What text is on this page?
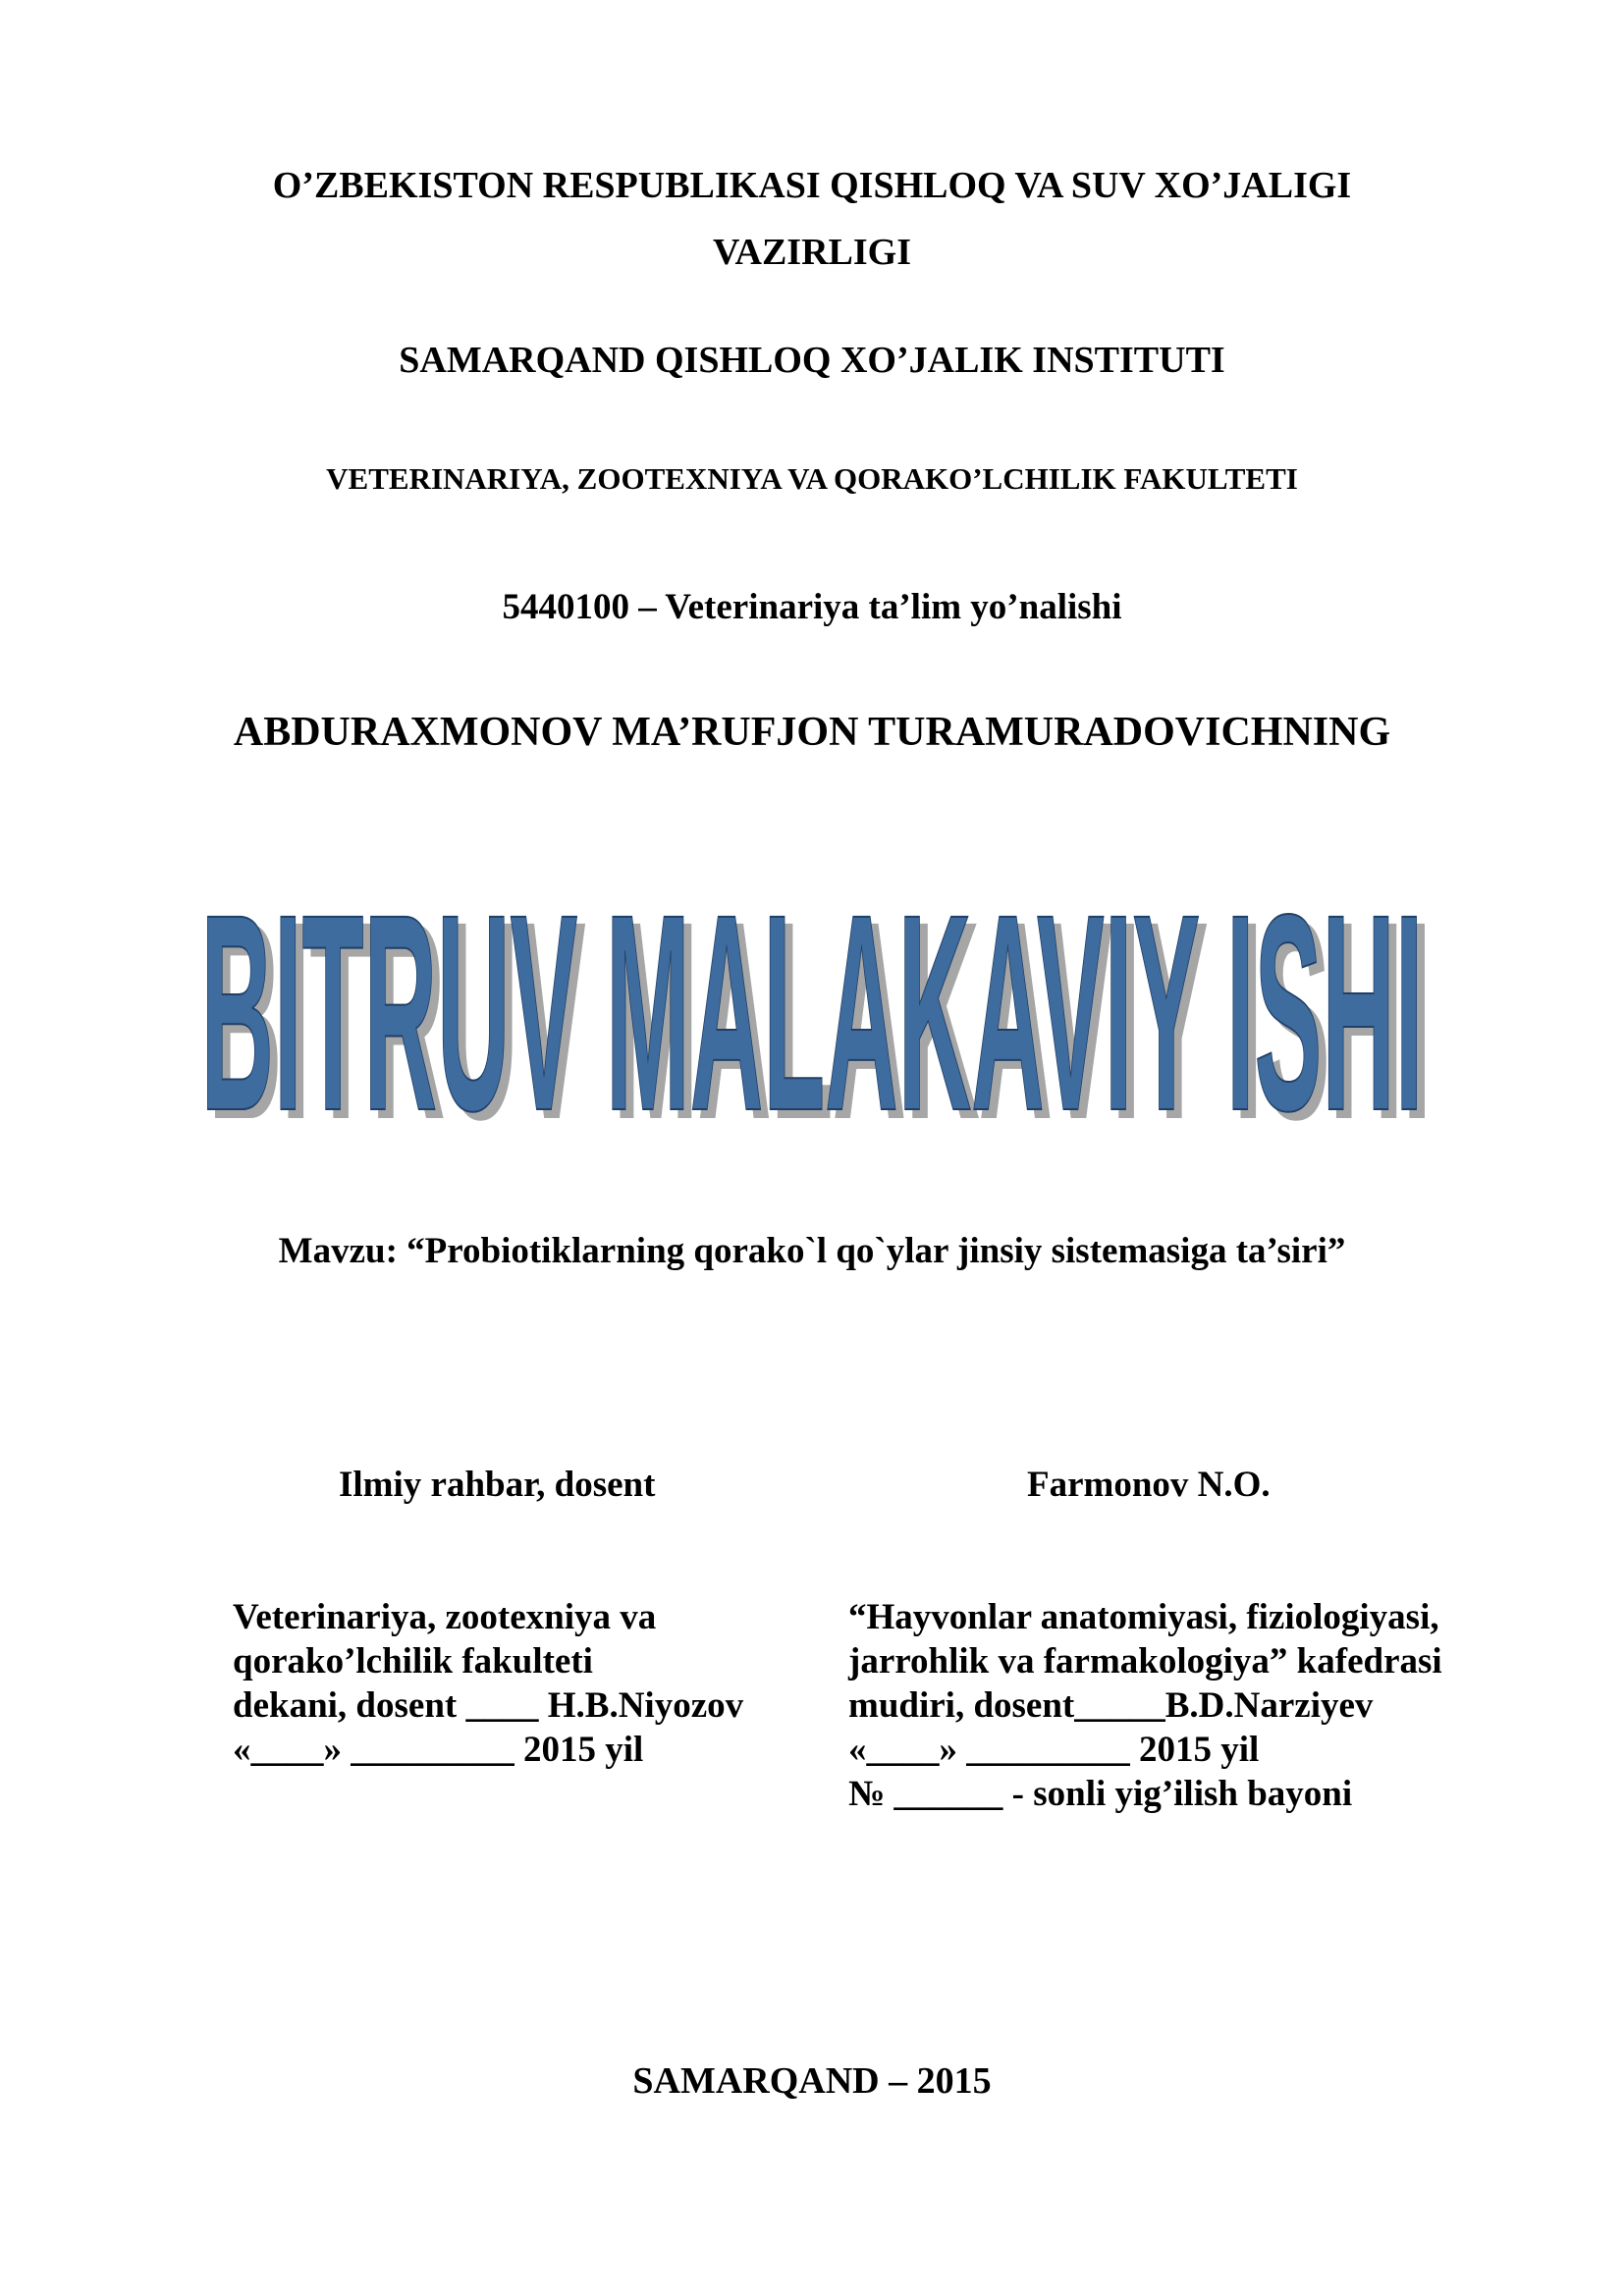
O’ZBEKISTON RESPUBLIKASI QISHLOQ VA SUV XO’JALIGI
VAZIRLIGI
SAMARQAND QISHLOQ XO’JALIK INSTITUTI
VETERINARIYA, ZOOTEXNIYA VA QORAKO’LCHILIK FAKULTETI
5440100 – Veterinariya ta’lim yo’nalishi
ABDURAXMONOV MA’RUFJON TURAMURADOVICHNING
BITRUV MALAKAVIY ISHI
BITRUV MALAKAVIY ISHI
Mavzu: “Probiotiklarning qorako`l qo`ylar jinsiy sistemasiga ta’siri”
Ilmiy rahbar, dosent	Farmonov N.O.
Veterinariya, zootexniya va
qorako’lchilik fakulteti
dekani, dosent ____ H.B.Niyozov
«____» _________ 2015 yil
“Hayvonlar anatomiyasi, fiziologiyasi,
jarrohlik va farmakologiya” kafedrasi
mudiri, dosent_____B.D.Narziyev
«____» _________ 2015 yil
№ ______ - sonli yig’ilish bayoni
SAMARQAND – 2015
